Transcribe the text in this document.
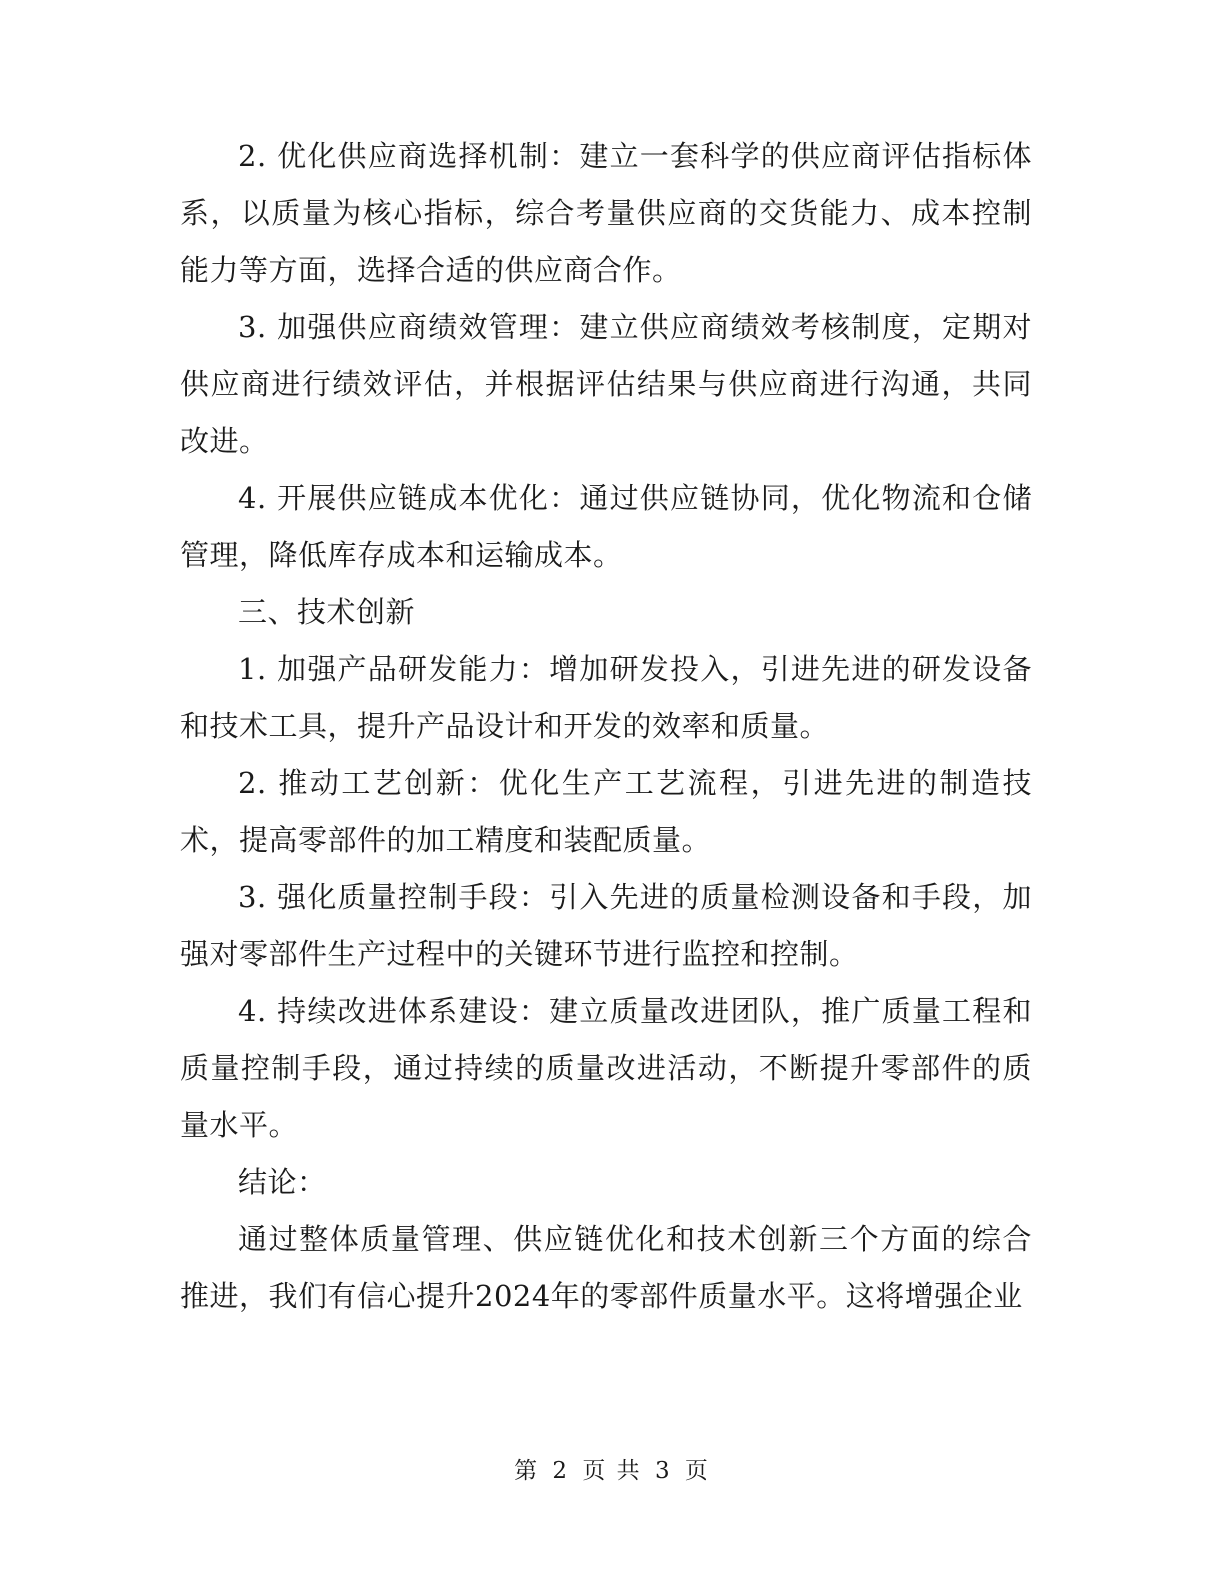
2. 优化供应商选择机制：建立一套科学的供应商评估指标体系，以质量为核心指标，综合考量供应商的交货能力、成本控制能力等方面，选择合适的供应商合作。

3. 加强供应商绩效管理：建立供应商绩效考核制度，定期对供应商进行绩效评估，并根据评估结果与供应商进行沟通，共同改进。

4. 开展供应链成本优化：通过供应链协同，优化物流和仓储管理，降低库存成本和运输成本。

三、技术创新

1. 加强产品研发能力：增加研发投入，引进先进的研发设备和技术工具，提升产品设计和开发的效率和质量。

2. 推动工艺创新：优化生产工艺流程，引进先进的制造技术，提高零部件的加工精度和装配质量。

3. 强化质量控制手段：引入先进的质量检测设备和手段，加强对零部件生产过程中的关键环节进行监控和控制。

4. 持续改进体系建设：建立质量改进团队，推广质量工程和质量控制手段，通过持续的质量改进活动，不断提升零部件的质量水平。

结论：

通过整体质量管理、供应链优化和技术创新三个方面的综合推进，我们有信心提升2024年的零部件质量水平。这将增强企业

第 2 页 共 3 页
